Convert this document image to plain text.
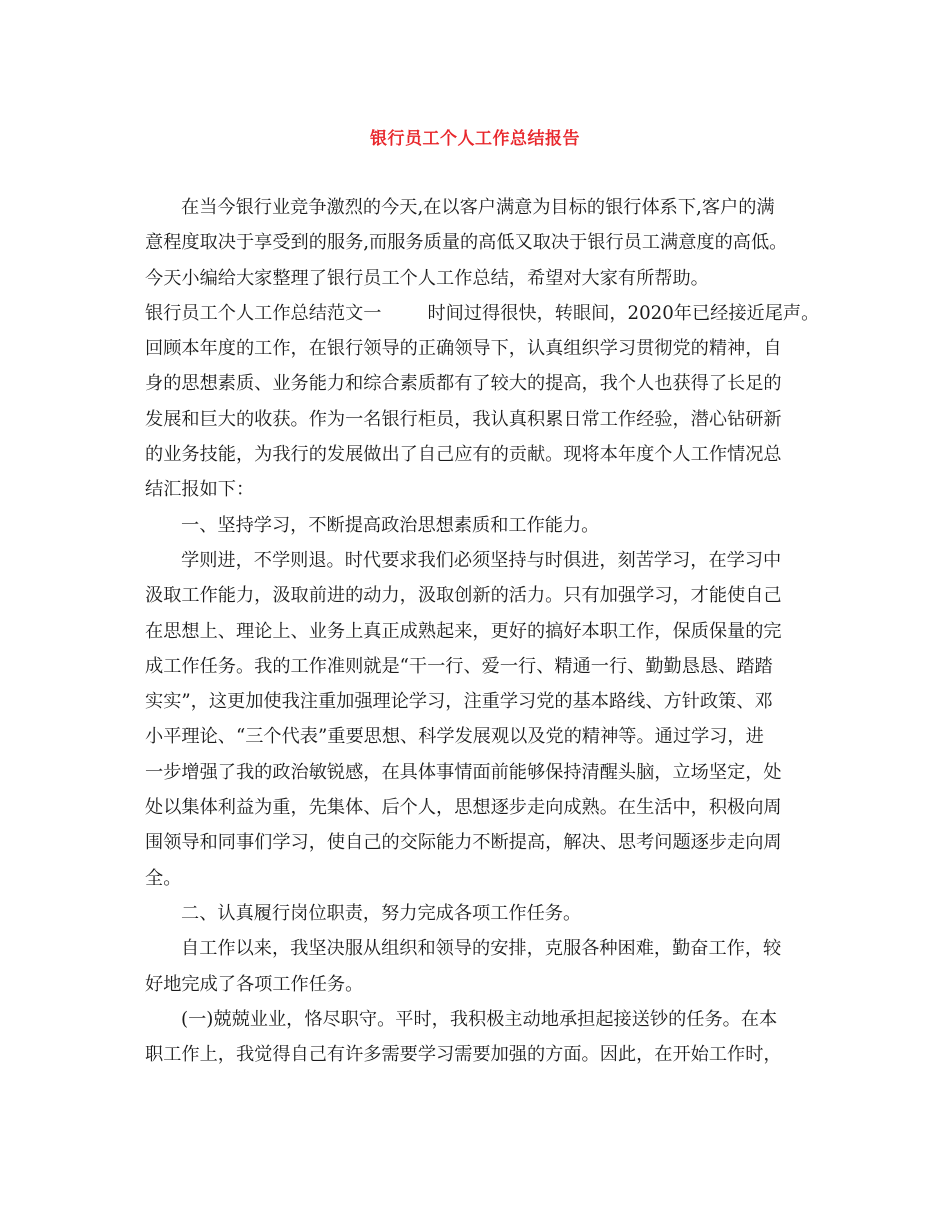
银行员工个人工作总结报告
在当今银行业竞争激烈的今天,在以客户满意为目标的银行体系下,客户的满
意程度取决于享受到的服务,而服务质量的高低又取决于银行员工满意度的高低。
今天小编给大家整理了银行员工个人工作总结，希望对大家有所帮助。
银行员工个人工作总结范文一	时间过得很快，转眼间，2020年已经接近尾声。
回顾本年度的工作，在银行领导的正确领导下，认真组织学习贯彻党的精神，自
身的思想素质、业务能力和综合素质都有了较大的提高，我个人也获得了长足的
发展和巨大的收获。作为一名银行柜员，我认真积累日常工作经验，潜心钻研新
的业务技能，为我行的发展做出了自己应有的贡献。现将本年度个人工作情况总
结汇报如下：
一、坚持学习，不断提高政治思想素质和工作能力。
学则进，不学则退。时代要求我们必须坚持与时俱进，刻苦学习，在学习中
汲取工作能力，汲取前进的动力，汲取创新的活力。只有加强学习，才能使自己
在思想上、理论上、业务上真正成熟起来，更好的搞好本职工作，保质保量的完
成工作任务。我的工作准则就是“干一行、爱一行、精通一行、勤勤恳恳、踏踏
实实”，这更加使我注重加强理论学习，注重学习党的基本路线、方针政策、邓
小平理论、“三个代表”重要思想、科学发展观以及党的精神等。通过学习，进
一步增强了我的政治敏锐感，在具体事情面前能够保持清醒头脑，立场坚定，处
处以集体利益为重，先集体、后个人，思想逐步走向成熟。在生活中，积极向周
围领导和同事们学习，使自己的交际能力不断提高，解决、思考问题逐步走向周
全。
二、认真履行岗位职责，努力完成各项工作任务。
自工作以来，我坚决服从组织和领导的安排，克服各种困难，勤奋工作，较
好地完成了各项工作任务。
(一)兢兢业业，恪尽职守。平时，我积极主动地承担起接送钞的任务。在本
职工作上，我觉得自己有许多需要学习需要加强的方面。因此，在开始工作时，
